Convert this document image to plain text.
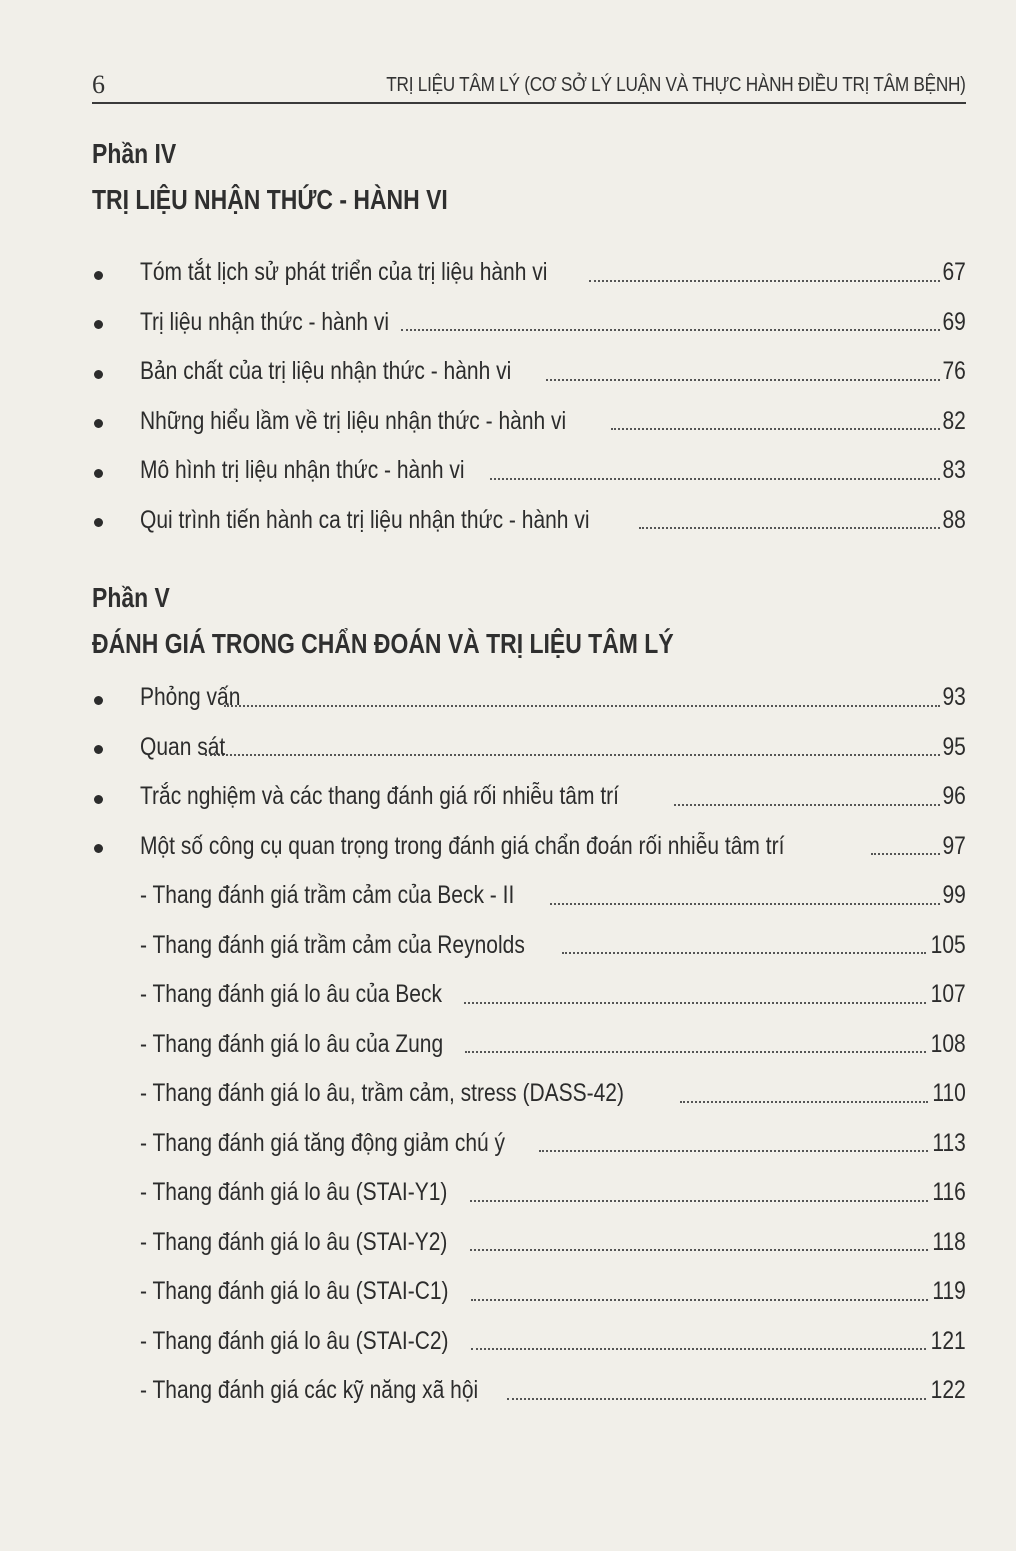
6	TRỊ LIỆU TÂM LÝ (CƠ SỞ LÝ LUẬN VÀ THỰC HÀNH ĐIỀU TRỊ TÂM BỆNH)
Phần IV
TRỊ LIỆU NHẬN THỨC - HÀNH VI
Tóm tắt lịch sử phát triển của trị liệu hành vi	67
Trị liệu nhận thức - hành vi	69
Bản chất của trị liệu nhận thức - hành vi	76
Những hiểu lầm về trị liệu nhận thức - hành vi	82
Mô hình trị liệu nhận thức - hành vi	83
Qui trình tiến hành ca trị liệu nhận thức - hành vi	88
Phần V
ĐÁNH GIÁ TRONG CHẨN ĐOÁN VÀ TRỊ LIỆU TÂM LÝ
Phỏng vấn	93
Quan sát	95
Trắc nghiệm và các thang đánh giá rối nhiễu tâm trí	96
Một số công cụ quan trọng trong đánh giá chẩn đoán rối nhiễu tâm trí	97
- Thang đánh giá trầm cảm của Beck - II	99
- Thang đánh giá trầm cảm của Reynolds	105
- Thang đánh giá lo âu của Beck	107
- Thang đánh giá lo âu của Zung	108
- Thang đánh giá lo âu, trầm cảm, stress (DASS-42)	110
- Thang đánh giá tăng động giảm chú ý	113
- Thang đánh giá lo âu (STAI-Y1)	116
- Thang đánh giá lo âu (STAI-Y2)	118
- Thang đánh giá lo âu (STAI-C1)	119
- Thang đánh giá lo âu (STAI-C2)	121
- Thang đánh giá các kỹ năng xã hội	122
